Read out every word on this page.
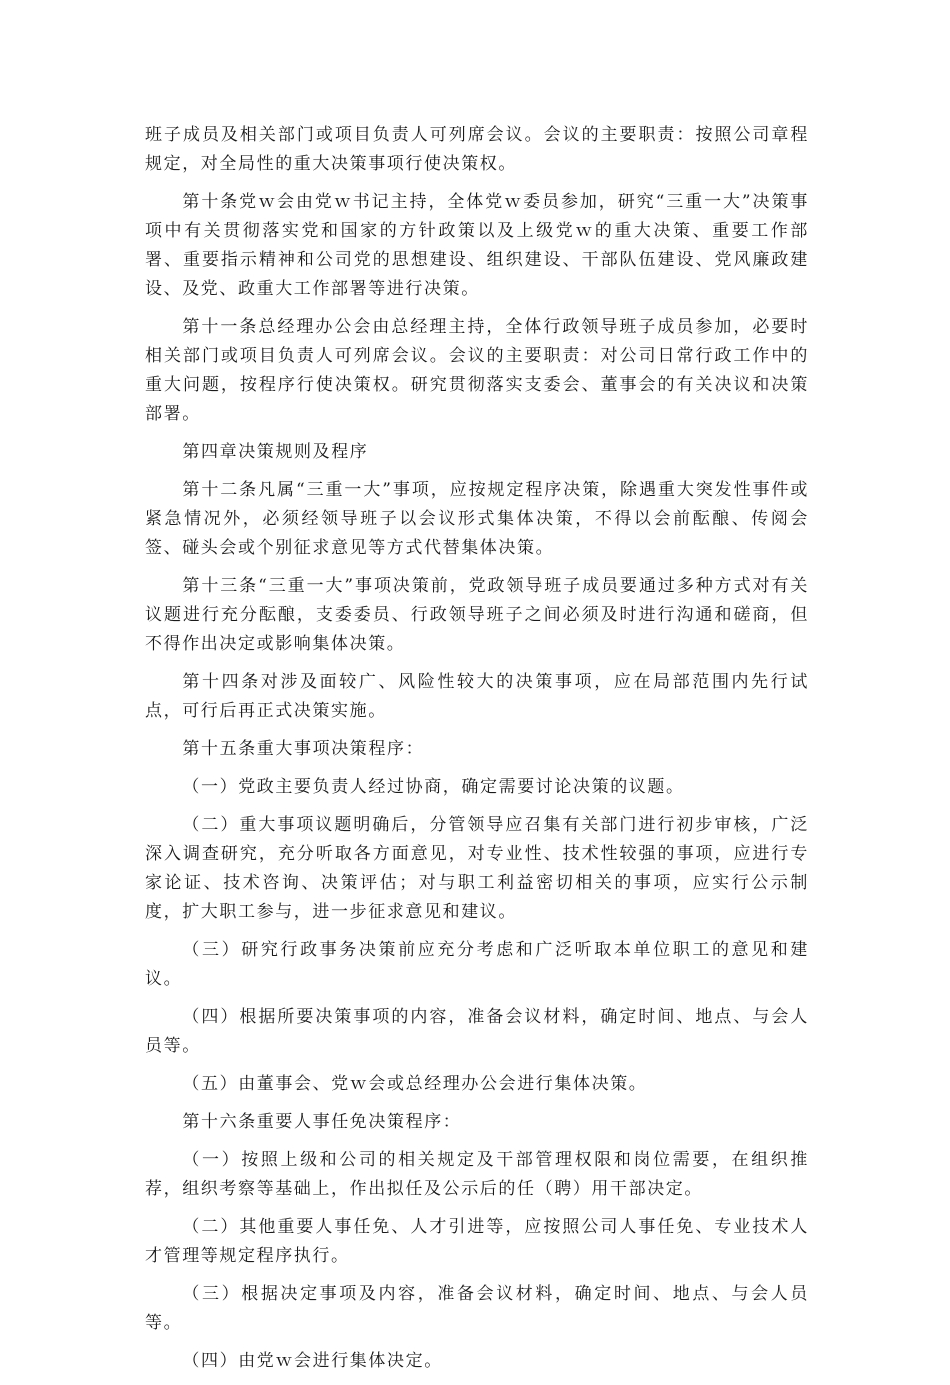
班子成员及相关部门或项目负责人可列席会议。会议的主要职责：按照公司章程规定，对全局性的重大决策事项行使决策权。

第十条党ｗ会由党ｗ书记主持，全体党ｗ委员参加，研究“三重一大”决策事项中有关贯彻落实党和国家的方针政策以及上级党ｗ的重大决策、重要工作部署、重要指示精神和公司党的思想建设、组织建设、干部队伍建设、党风廉政建设、及党、政重大工作部署等进行决策。

第十一条总经理办公会由总经理主持，全体行政领导班子成员参加，必要时相关部门或项目负责人可列席会议。会议的主要职责：对公司日常行政工作中的重大问题，按程序行使决策权。研究贯彻落实支委会、董事会的有关决议和决策部署。

第四章决策规则及程序

第十二条凡属“三重一大”事项，应按规定程序决策，除遇重大突发性事件或紧急情况外，必须经领导班子以会议形式集体决策，不得以会前酝酿、传阅会签、碰头会或个别征求意见等方式代替集体决策。

第十三条“三重一大”事项决策前，党政领导班子成员要通过多种方式对有关议题进行充分酝酿，支委委员、行政领导班子之间必须及时进行沟通和磋商，但不得作出决定或影响集体决策。

第十四条对涉及面较广、风险性较大的决策事项，应在局部范围内先行试点，可行后再正式决策实施。

第十五条重大事项决策程序：

（一）党政主要负责人经过协商，确定需要讨论决策的议题。

（二）重大事项议题明确后，分管领导应召集有关部门进行初步审核，广泛深入调查研究，充分听取各方面意见，对专业性、技术性较强的事项，应进行专家论证、技术咨询、决策评估；对与职工利益密切相关的事项，应实行公示制度，扩大职工参与，进一步征求意见和建议。

（三）研究行政事务决策前应充分考虑和广泛听取本单位职工的意见和建议。

（四）根据所要决策事项的内容，准备会议材料，确定时间、地点、与会人员等。

（五）由董事会、党ｗ会或总经理办公会进行集体决策。

第十六条重要人事任免决策程序：

（一）按照上级和公司的相关规定及干部管理权限和岗位需要，在组织推荐，组织考察等基础上，作出拟任及公示后的任（聘）用干部决定。

（二）其他重要人事任免、人才引进等，应按照公司人事任免、专业技术人才管理等规定程序执行。

（三）根据决定事项及内容，准备会议材料，确定时间、地点、与会人员等。

（四）由党ｗ会进行集体决定。
